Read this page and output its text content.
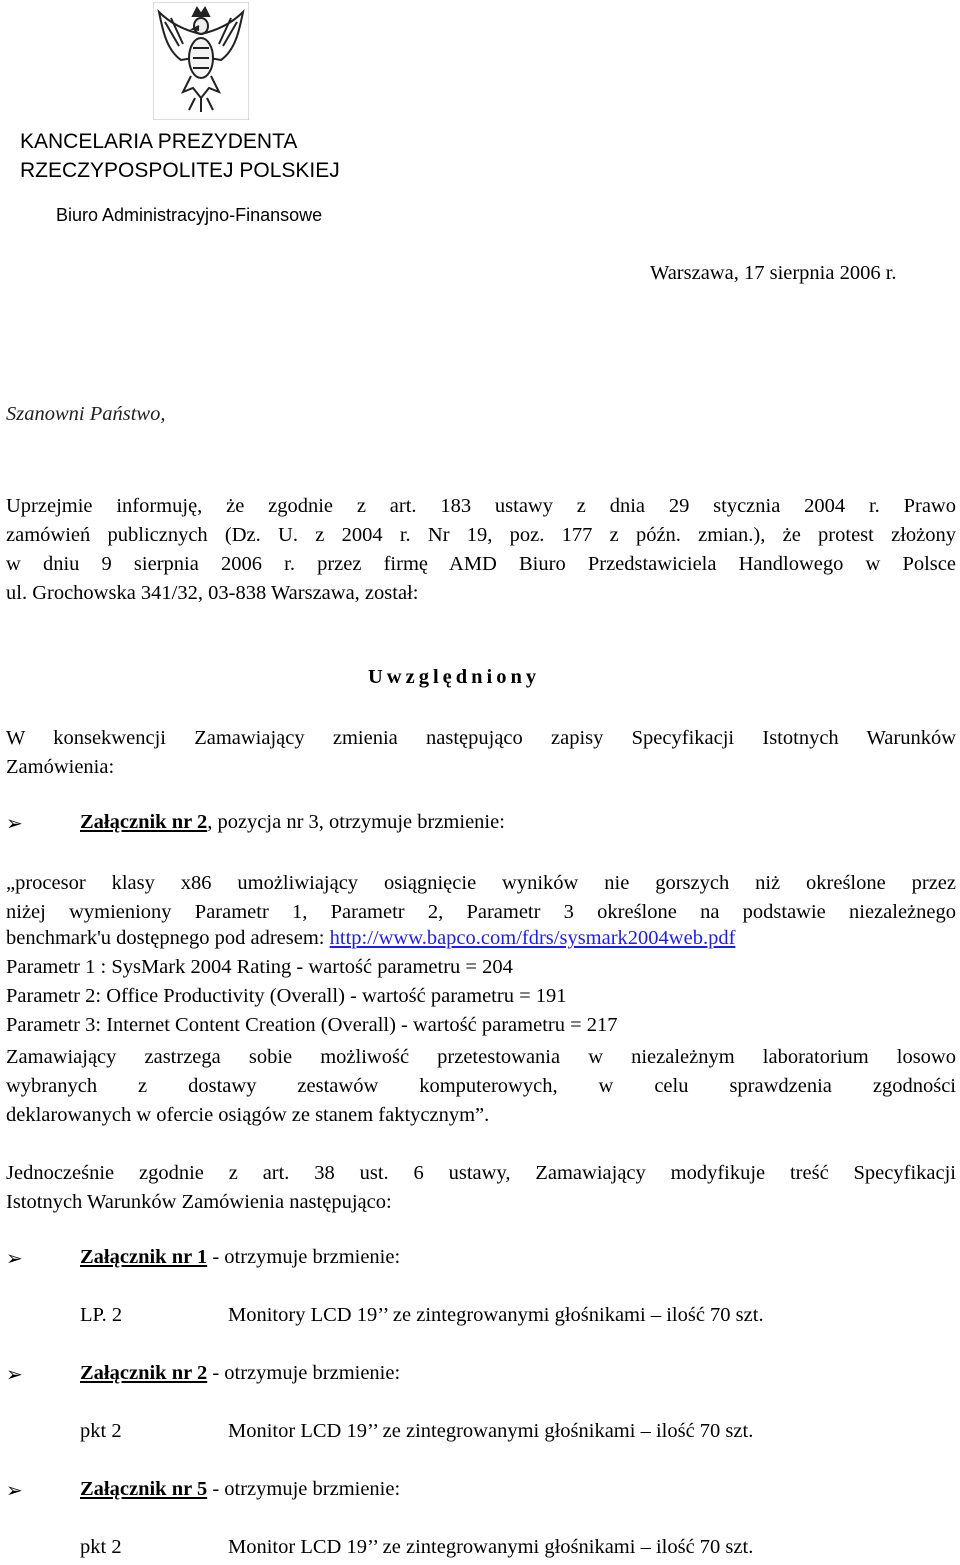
KANCELARIA PREZYDENTA
RZECZYPOSPOLITEJ POLSKIEJ
Biuro Administracyjno-Finansowe
Warszawa, 17 sierpnia 2006 r.
Szanowni Państwo,
Uprzejmie informuję, że zgodnie z art. 183 ustawy z dnia 29 stycznia 2004 r. Prawo
zamówień publicznych (Dz. U. z 2004 r. Nr 19, poz. 177 z późn. zmian.), że protest złożony
w dniu 9 sierpnia 2006 r. przez firmę AMD Biuro Przedstawiciela Handlowego w Polsce
ul. Grochowska 341/32, 03-838 Warszawa, został:
Uwzględniony
W konsekwencji Zamawiający zmienia następująco zapisy Specyfikacji Istotnych Warunków
Zamówienia:
➢	Załącznik nr 2, pozycja nr 3, otrzymuje brzmienie:
„procesor klasy x86 umożliwiający osiągnięcie wyników nie gorszych niż określone przez
niżej wymieniony Parametr 1, Parametr 2, Parametr 3 określone na podstawie niezależnego
benchmark'u dostępnego pod adresem: http://www.bapco.com/fdrs/sysmark2004web.pdf
Parametr 1 : SysMark 2004 Rating - wartość parametru = 204
Parametr 2: Office Productivity (Overall) - wartość parametru = 191
Parametr 3: Internet Content Creation (Overall) - wartość parametru = 217
Zamawiający zastrzega sobie możliwość przetestowania w niezależnym laboratorium losowo
wybranych z dostawy zestawów komputerowych, w celu sprawdzenia zgodności
deklarowanych w ofercie osiągów ze stanem faktycznym”.
Jednocześnie zgodnie z art. 38 ust. 6 ustawy, Zamawiający modyfikuje treść Specyfikacji
Istotnych Warunków Zamówienia następująco:
➢	Załącznik nr 1 - otrzymuje brzmienie:
LP. 2	Monitory LCD 19’’ ze zintegrowanymi głośnikami – ilość 70 szt.
➢	Załącznik nr 2 - otrzymuje brzmienie:
pkt 2	Monitor LCD 19’’ ze zintegrowanymi głośnikami – ilość 70 szt.
➢	Załącznik nr 5 - otrzymuje brzmienie:
pkt 2	Monitor LCD 19’’ ze zintegrowanymi głośnikami – ilość 70 szt.
